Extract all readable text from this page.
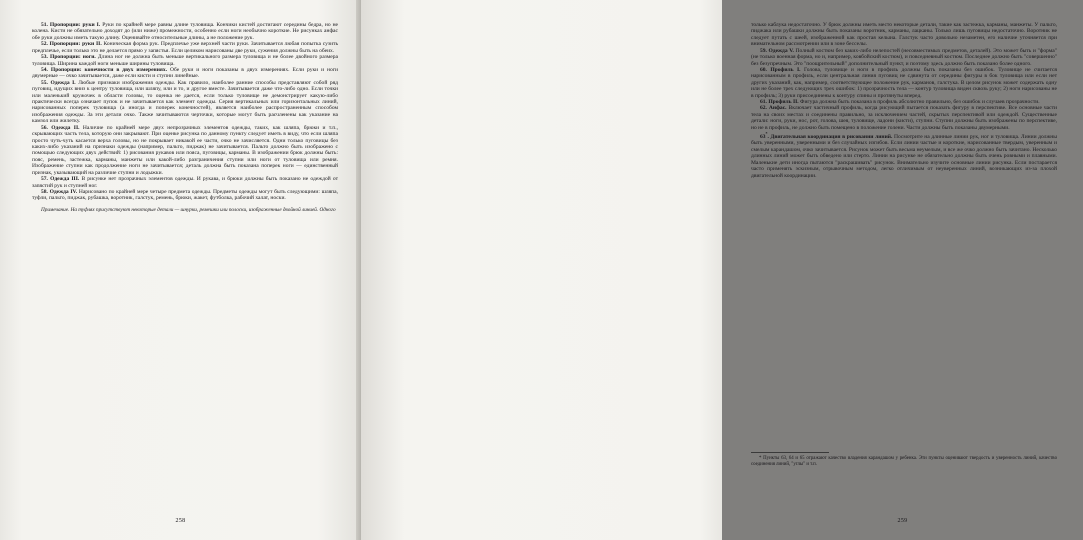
51. Пропорции: руки I. Руки по крайней мере равны длине туловища. Кончики кистей достигают середины бедра, но не колена. Кисти не обязательно доходят до (или ниже) промежности, особенно если ноги необычно короткие. Не рисунках анфас обе руки должны иметь такую длину. Оценивайте относительные длины, а не положение рук.

52. Пропорции: руки II. Коническая форма рук. Предплечье уже верхней части руки. Зачитывается любая попытка сузить предплечье, если только это не делается прямо у запястья. Если целиком нарисованы две руки, сужения должны быть на обеих.

53. Пропорции: ноги. Длина ног не должна быть меньше вертикального размера туловища и не более двойного размера туловища. Ширина каждой ноги меньше ширины туловища.

54. Пропорции: конечности в двух измерениях. Обе руки и ноги показаны в двух измерениях. Если руки и ноги двумерные — очко зачитывается, даже если кисти и ступни линейные.

55. Одежда I. Любые признаки изображения одежды. Как правило, наиболее ранние способы представляют собой ряд пуговиц, идущих вниз к центру туловища, или шляпу, или и то, и другое вместе. Зачитывается даже что-либо одно. Если точки или маленький кружочек в области головы, то оценка не дается, если только туловище не демонстрирует какую-либо практически всегда означает пупок и не зачитывается как элемент одежды. Серия вертикальных или горизонтальных линий, нарисованных поперек туловища (а иногда и поперек конечностей), является наиболее распространенным способом изображения одежды. За эти детали очко. Также зачитываются черточки, которые могут быть расчленены как указание на камзол или жилетку.

56. Одежда II. Наличие по крайней мере двух непрозрачных элементов одежды, таких, как шляпа, брюки и т.п., скрывающих часть тела, которую они закрывают. При оценке рисунка по данному пункту следует иметь в виду, что если шляпа просто чуть-чуть касается верха головы, но не покрывает никакой ее части, очко не зачисляется. Одни только пуговицы без каких-либо указаний на признаки одежды (например, пальто, пиджак) не зачитывается. Пальто должно быть изображено с помощью следующих двух действий: 1) рисования рукавов или пояса, пуговицы, карманы. В изображении брюк должны быть: пояс, ремень, застежка, карманы, манжеты или какой-либо разграничения ступни или ноги от туловища или ремня. Изображение ступни как продолжение ноги не зачитывается; деталь должна быть показана поперек ноги — единственный признак, указывающий на различие ступни и лодыжки.

57. Одежда III. В рисунке нет прозрачных элементов одежды. И рукава, и брюки должны быть показано не одеждой от запястий рук и ступней ног.

58. Одежда IV. Нарисовано по крайней мере четыре предмета одежды. Предметы одежды могут быть следующими: шляпа, туфли, пальто, пиджак, рубашка, воротник, галстук, ремень, брюки, жакет, футболка, рабочий халат, носки.

Примечание. На туфлях присутствуют некоторые детали — шнурки, ремешки или полоски, изображенные двойной линией. Одного

258

только каблука недостаточно. У брюк должны иметь место некоторые детали, такие как застежка, карманы, манжеты. У пальто, пиджака или рубашки должны быть показаны воротник, карманы, лацканы. Только лишь пуговицы недостаточно. Воротник не следует путать с шеей, изображенной как простая келыиа. Галстук часто довольно незаметен, его наличие уточняется при внимательном рассмотрении или в зоне бесселы.

59. Одежда V. Полный костюм без каких-либо нелепостей (несовместимых предметов, деталей). Это может быть и "форма" (не только военная форма, но и, например, ковбойский костюм), и повседневный костюм. Последнее должно быть "совершенно" без безупречным. Это "поощрительный" дополнительный пункт, и поэтому здесь должно быть показано более одного.

60. Профиль I. Голова, туловище и ноги в профиль должны быть показаны без ошибок. Туловище не считается нарисованным в профиль, если центральная линия пуговиц не сдвинута от середины фигуры в бок туловища или если нет других указаний, как, например, соответствующее положение рук, карманов, галстука. В целом рисунок может содержать одну или не более трех следующих трех ошибок: 1) прозрачность тела — контур туловища виден сквозь руку; 2) ноги нарисованы не в профиль; 3) руки присоединены к контуру спины и протянуты вперед.

61. Профиль II. Фигура должна быть показана в профиль абсолютно правильно, без ошибок и случаев прозрачности.

62. Анфас. Включает частичный профиль, когда рисующий пытается показать фигуру в перспективе. Все основные части тела на своих местах и соединены правильно, за исключением частей, скрытых перспективой или одеждой. Существенные детали: ноги, руки, нос, рот, голова, шея, туловище, ладони (кисти), ступни. Ступни должны быть изображены по перспективе, но не в профиль, не должно быть помещено в положение голени. Части должны быть показаны двумерными.

63*. Двигательная координация в рисовании линий. Посмотрите на длинные линии рук, ног и туловища. Линии должны быть уверенными, уверенными и без случайных изгибов. Если линии частые и короткие, нарисованные твердым, уверенным и смелым карандашом, очко зачитывается. Рисунок может быть весьма неумелым, и все же очко должно быть зачитано. Несколько длинных линий может быть обведено или стерто. Линии на рисунке не обязательно должны быть очень ровными и плавными. Маленькие дети иногда пытаются "раскрашивать" рисунок. Внимательно изучите основные линии рисунка. Если постарается часто применять эскизным, отрывочным методом, легко отличимым от неуверенных линий, возникающих из-за плохой двигательной координации.

* Пункты 63, 64 и 65 отражают качество владения карандашом у ребенка. Эти пункты оценивают твердость и уверенность линий, качество соединения линий, "углы" и т.п.

259
